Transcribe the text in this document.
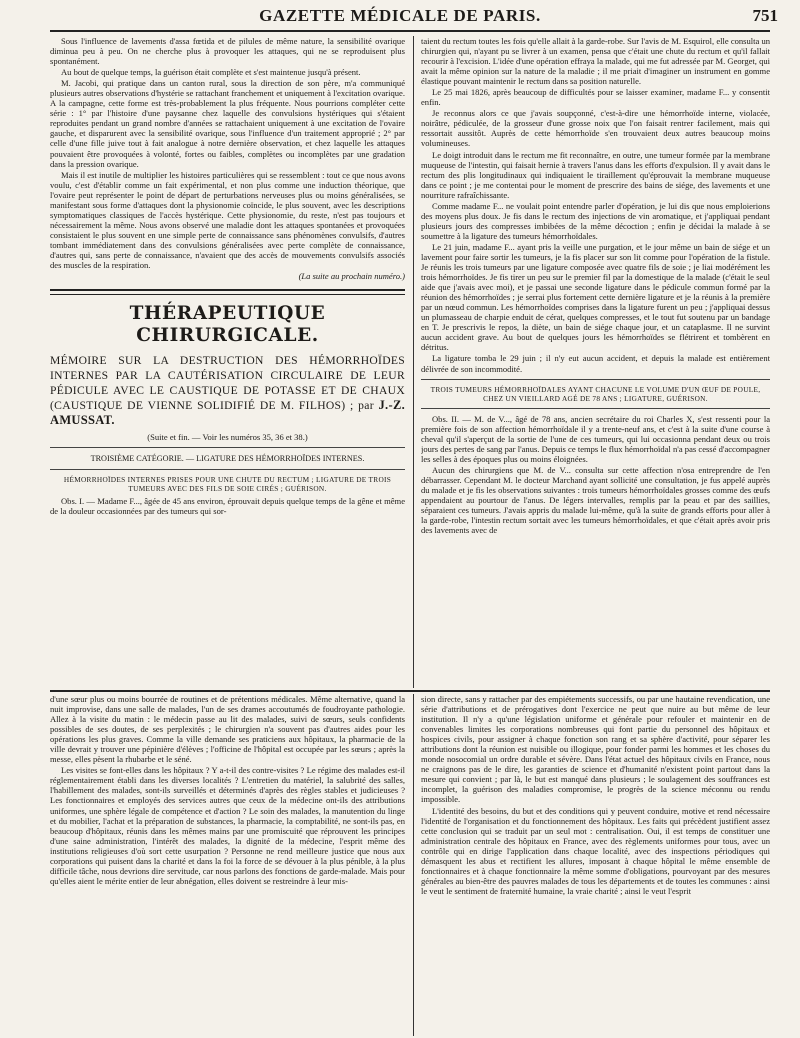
GAZETTE MÉDICALE DE PARIS.	751

Sous l'influence de lavements d'assa fœtida et de pilules de même nature, la sensibilité ovarique diminua peu à peu. On ne cherche plus à provoquer les attaques, qui ne se reproduisent plus spontanément.

Au bout de quelque temps, la guérison était complète et s'est maintenue jusqu'à présent.

M. Jacobi, qui pratique dans un canton rural, sous la direction de son père, m'a communiqué plusieurs autres observations d'hystérie se rattachant franchement et uniquement à l'excitation ovarique. A la campagne, cette forme est très-probablement la plus fréquente. Nous pourrions compléter cette série : 1° par l'histoire d'une paysanne chez laquelle des convulsions hystériques qui s'étaient reproduites pendant un grand nombre d'années se rattachaient uniquement à une excitation de l'ovaire gauche, et disparurent avec la sensibilité ovarique, sous l'influence d'un traitement approprié ; 2° par celle d'une fille juive tout à fait analogue à notre dernière observation, et chez laquelle les attaques pouvaient être provoquées à volonté, fortes ou faibles, complètes ou incomplètes par une gradation dans la pression ovarique.

Mais il est inutile de multiplier les histoires particulières qui se ressemblent : tout ce que nous avons voulu, c'est d'établir comme un fait expérimental, et non plus comme une induction théorique, que l'ovaire peut représenter le point de départ de perturbations nerveuses plus ou moins généralisées, se manifestant sous forme d'attaques dont la physionomie coïncide, le plus souvent, avec les descriptions symptomatiques classiques de l'accès hystérique. Cette physionomie, du reste, n'est pas toujours et nécessairement la même. Nous avons observé une maladie dont les attaques spontanées et provoquées consistaient le plus souvent en une simple perte de connaissance sans phénomènes convulsifs, d'autres tombant immédiatement dans des convulsions généralisées avec perte complète de connaissance, d'autres qui, sans perte de connaissance, n'avaient que des accès de mouvements convulsifs associés des muscles de la respiration.

(La suite au prochain numéro.)

THÉRAPEUTIQUE CHIRURGICALE.

MÉMOIRE SUR LA DESTRUCTION DES HÉMORRHOÏDES INTERNES PAR LA CAUTÉRISATION CIRCULAIRE DE LEUR PÉDICULE AVEC LE CAUSTIQUE DE POTASSE ET DE CHAUX (CAUSTIQUE DE VIENNE SOLIDIFIÉ DE M. FILHOS) ; par J.-Z. AMUSSAT.

(Suite et fin. — Voir les numéros 35, 36 et 38.)

TROISIÈME CATÉGORIE. — LIGATURE DES HÉMORRHOÏDES INTERNES.

HÉMORRHOÏDES INTERNES PRISES POUR UNE CHUTE DU RECTUM ; LIGATURE DE TROIS TUMEURS AVEC DES FILS DE SOIE CIRÉS ; GUÉRISON.

Obs. I. — Madame F..., âgée de 45 ans environ, éprouvait depuis quelque temps de la gêne et même de la douleur occasionnées par des tumeurs qui sor-

taient du rectum toutes les fois qu'elle allait à la garde-robe. Sur l'avis de M. Esquirol, elle consulta un chirurgien qui, n'ayant pu se livrer à un examen, pensa que c'était une chute du rectum et qu'il fallait recourir à l'excision. L'idée d'une opération effraya la malade, qui me fut adressée par M. Georget, qui avait la même opinion sur la nature de la maladie ; il me priait d'imaginer un instrument en gomme élastique pouvant maintenir le rectum dans sa position naturelle.

Le 25 mai 1826, après beaucoup de difficultés pour se laisser examiner, madame F... y consentit enfin.

Je reconnus alors ce que j'avais soupçonné, c'est-à-dire une hémorrhoïde interne, violacée, noirâtre, pédiculée, de la grosseur d'une grosse noix que l'on faisait rentrer facilement, mais qui ressortait aussitôt. Auprès de cette hémorrhoïde s'en trouvaient deux autres beaucoup moins volumineuses.

Le doigt introduit dans le rectum me fit reconnaître, en outre, une tumeur formée par la membrane muqueuse de l'intestin, qui faisait hernie à travers l'anus dans les efforts d'expulsion. Il y avait dans le rectum des plis longitudinaux qui indiquaient le tiraillement qu'éprouvait la membrane muqueuse dans ce point ; je me contentai pour le moment de prescrire des bains de siége, des lavements et une nourriture rafraîchissante.

Comme madame F... ne voulait point entendre parler d'opération, je lui dis que nous emploierions des moyens plus doux. Je fis dans le rectum des injections de vin aromatique, et j'appliquai pendant plusieurs jours des compresses imbibées de la même décoction ; enfin je décidai la malade à se soumettre à la ligature des tumeurs hémorrhoïdales.

Le 21 juin, madame F... ayant pris la veille une purgation, et le jour même un bain de siége et un lavement pour faire sortir les tumeurs, je la fis placer sur son lit comme pour l'opération de la fistule. Je réunis les trois tumeurs par une ligature composée avec quatre fils de soie ; je liai modérément les trois hémorrhoïdes. Je fis tirer un peu sur le premier fil par la domestique de la malade (c'était le seul aide que j'avais avec moi), et je passai une seconde ligature dans le pédicule commun formé par la réunion des hémorrhoïdes ; je serrai plus fortement cette dernière ligature et je la réunis à la première par un nœud commun. Les hémorrhoïdes comprises dans la ligature furent un peu ; j'appliquai dessus un plumasseau de charpie enduit de cérat, quelques compresses, et le tout fut soutenu par un bandage en T. Je prescrivis le repos, la diète, un bain de siége chaque jour, et un cataplasme. Il ne survint aucun accident grave. Au bout de quelques jours les hémorrhoïdes se flétrirent et tombèrent en détritus.

La ligature tomba le 29 juin ; il n'y eut aucun accident, et depuis la malade est entièrement délivrée de son incommodité.

TROIS TUMEURS HÉMORRHOÏDALES AYANT CHACUNE LE VOLUME D'UN ŒUF DE POULE, CHEZ UN VIEILLARD AGÉ DE 78 ANS ; LIGATURE, GUÉRISON.

Obs. II. — M. de V..., âgé de 78 ans, ancien secrétaire du roi Charles X, s'est ressenti pour la première fois de son affection hémorrhoïdale il y a trente-neuf ans, et c'est à la suite d'une course à cheval qu'il s'aperçut de la sortie de l'une de ces tumeurs, qui lui occasionna pendant deux ou trois jours des pertes de sang par l'anus. Depuis ce temps le flux hémorrhoïdal n'a pas cessé d'accompagner les selles à des époques plus ou moins éloignées.

Aucun des chirurgiens que M. de V... consulta sur cette affection n'osa entreprendre de l'en débarrasser. Cependant M. le docteur Marchand ayant sollicité une consultation, je fus appelé auprès du malade et je fis les observations suivantes : trois tumeurs hémorrhoïdales grosses comme des œufs appendaient au pourtour de l'anus. De légers intervalles, remplis par la peau et par des saillies, séparaient ces tumeurs. J'avais appris du malade lui-même, qu'à la suite de grands efforts pour aller à la garde-robe, l'intestin rectum sortait avec les tumeurs hémorrhoïdales, et que c'était après avoir pris des lavements avec de

d'une sœur plus ou moins bourrée de routines et de prétentions médicales. Même alternative, quand la nuit improvise, dans une salle de malades, l'un de ses drames accoutumés de foudroyante pathologie. Allez à la visite du matin : le médecin passe au lit des malades, suivi de sœurs, seuls confidents possibles de ses doutes, de ses perplexités ; le chirurgien n'a souvent pas d'autres aides pour les opérations les plus graves. Comme la ville demande ses praticiens aux hôpitaux, la pharmacie de la ville devrait y trouver une pépinière d'élèves ; l'officine de l'hôpital est occupée par les sœurs ; après la messe, elles pèsent la rhubarbe et le séné.

Les visites se font-elles dans les hôpitaux ? Y a-t-il des contre-visites ? Le régime des malades est-il réglementairement établi dans les diverses localités ? L'entretien du matériel, la salubrité des salles, l'habillement des malades, sont-ils surveillés et déterminés d'après des règles stables et judicieuses ? Les fonctionnaires et employés des services autres que ceux de la médecine ont-ils des attributions uniformes, une sphère légale de compétence et d'action ? Le soin des malades, la manutention du linge et du mobilier, l'achat et la préparation de substances, la pharmacie, la comptabilité, ne sont-ils pas, en beaucoup d'hôpitaux, réunis dans les mêmes mains par une promiscuité que réprouvent les principes d'une saine administration, l'intérêt des malades, la dignité de la médecine, l'esprit même des institutions religieuses d'où sort cette usurpation ? Personne ne rend meilleure justice que nous aux corporations qui puisent dans la charité et dans la foi la force de se dévouer à la plus pénible, à la plus difficile tâche, nous devrions dire servitude, car nous parlons des fonctions de garde-malade. Mais pour qu'elles aient le mérite entier de leur abnégation, elles doivent se restreindre à leur mis-

sion directe, sans y rattacher par des empiétements successifs, ou par une hautaine revendication, une série d'attributions et de prérogatives dont l'exercice ne peut que nuire au but même de leur institution. Il n'y a qu'une législation uniforme et générale pour refouler et maintenir en de convenables limites les corporations nombreuses qui font partie du personnel des hôpitaux et hospices civils, pour assigner à chaque fonction son rang et sa sphère d'activité, pour séparer les attributions dont la réunion est nuisible ou illogique, pour fonder parmi les hommes et les choses du monde nosocomial un ordre durable et sévère. Dans l'état actuel des hôpitaux civils en France, nous ne craignons pas de le dire, les garanties de science et d'humanité n'existent point partout dans la mesure qui convient ; par là, le but est manqué dans plusieurs ; le soulagement des souffrances est incomplet, la guérison des maladies compromise, le progrès de la science méconnu ou rendu impossible.

L'identité des besoins, du but et des conditions qui y peuvent conduire, motive et rend nécessaire l'identité de l'organisation et du fonctionnement des hôpitaux. Les faits qui précèdent justifient assez cette conclusion qui se traduit par un seul mot : centralisation. Oui, il est temps de constituer une administration centrale des hôpitaux en France, avec des règlements uniformes pour tous, avec un contrôle qui en dirige l'application dans chaque localité, avec des inspections périodiques qui démasquent les abus et rectifient les allures, imposant à chaque hôpital le même ensemble de fonctionnaires et à chaque fonctionnaire la même somme d'obligations, pourvoyant par des mesures générales au bien-être des pauvres malades de tous les départements et de toutes les communes : ainsi le veut le sentiment de fraternité humaine, la vraie charité ; ainsi le veut l'esprit
